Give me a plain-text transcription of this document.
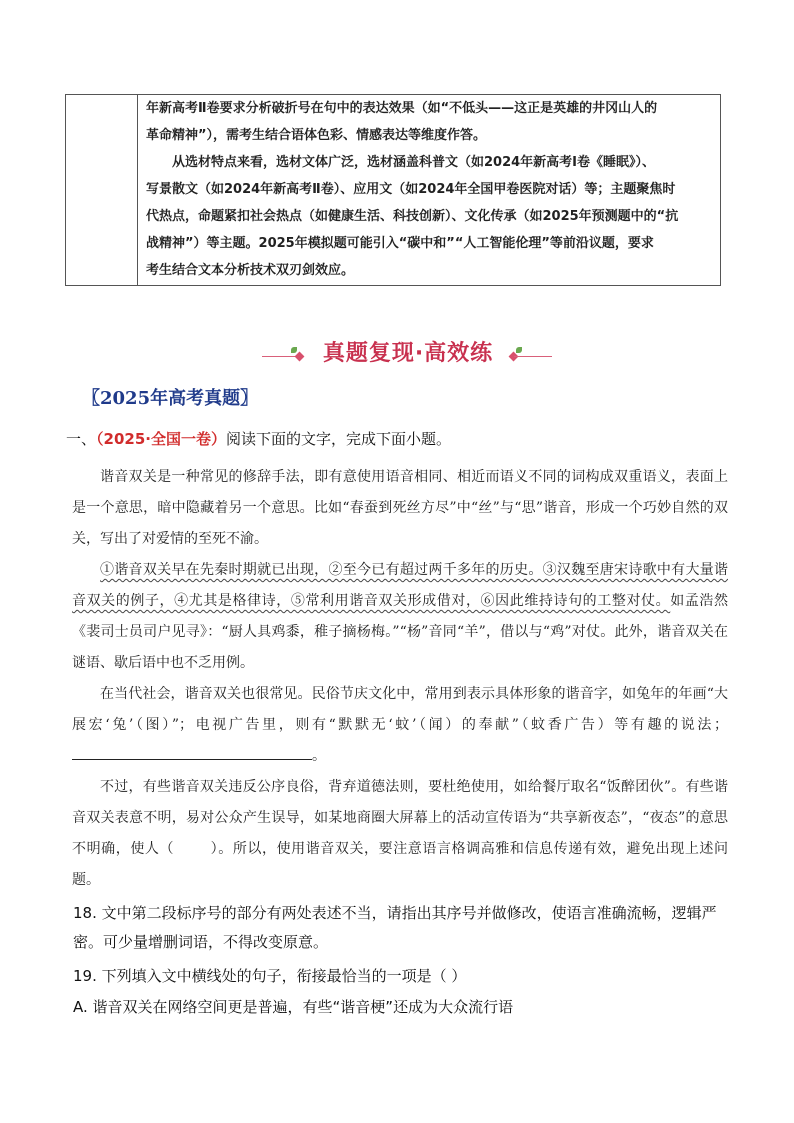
年新高考Ⅱ卷要求分析破折号在句中的表达效果（如“不低头——这正是英雄的井冈山人的

革命精神”），需考生结合语体色彩、情感表达等维度作答。

从选材特点来看，选材文体广泛，选材涵盖科普文（如2024年新高考Ⅰ卷《睡眠》）、

写景散文（如2024年新高考Ⅱ卷）、应用文（如2024年全国甲卷医院对话）等；主题聚焦时

代热点，命题紧扣社会热点（如健康生活、科技创新）、文化传承（如2025年预测题中的“抗

战精神”）等主题。2025年模拟题可能引入“碳中和”“人工智能伦理”等前沿议题，要求

考生结合文本分析技术双刃剑效应。

真题复现·高效练
〖2025年高考真题〗
一、（2025·全国一卷）阅读下面的文字，完成下面小题。

谐音双关是一种常见的修辞手法，即有意使用语音相同、相近而语义不同的词构成双重语义，表面上是一个意思，暗中隐藏着另一个意思。比如“春蚕到死丝方尽”中“丝”与“思”谐音，形成一个巧妙自然的双关，写出了对爱情的至死不渝。

①谐音双关早在先秦时期就已出现，②至今已有超过两千多年的历史。③汉魏至唐宋诗歌中有大量谐音双关的例子，④尤其是格律诗，⑤常利用谐音双关形成借对，⑥因此维持诗句的工整对仗。如孟浩然《裴司士员司户见寻》：“厨人具鸡黍，稚子摘杨梅。”“杨”音同“羊”，借以与“鸡”对仗。此外，谐音双关在谜语、歇后语中也不乏用例。

在当代社会，谐音双关也很常见。民俗节庆文化中，常用到表示具体形象的谐音字，如兔年的年画“大展宏‘兔’（图）”；电视广告里，则有“默默无‘蚊’（闻）的奉献”（蚊香广告）等有趣的说法；。

不过，有些谐音双关违反公序良俗，背弃道德法则，要杜绝使用，如给餐厅取名“饭醉团伙”。有些谐音双关表意不明，易对公众产生误导，如某地商圈大屏幕上的活动宣传语为“共享新夜态”，“夜态”的意思不明确，使人（	）。所以，使用谐音双关，要注意语言格调高雅和信息传递有效，避免出现上述问题。

18. 文中第二段标序号的部分有两处表述不当，请指出其序号并做修改，使语言准确流畅，逻辑严密。可少量增删词语，不得改变原意。
19. 下列填入文中横线处的句子，衔接最恰当的一项是（ ）
A. 谐音双关在网络空间更是普遍，有些“谐音梗”还成为大众流行语
